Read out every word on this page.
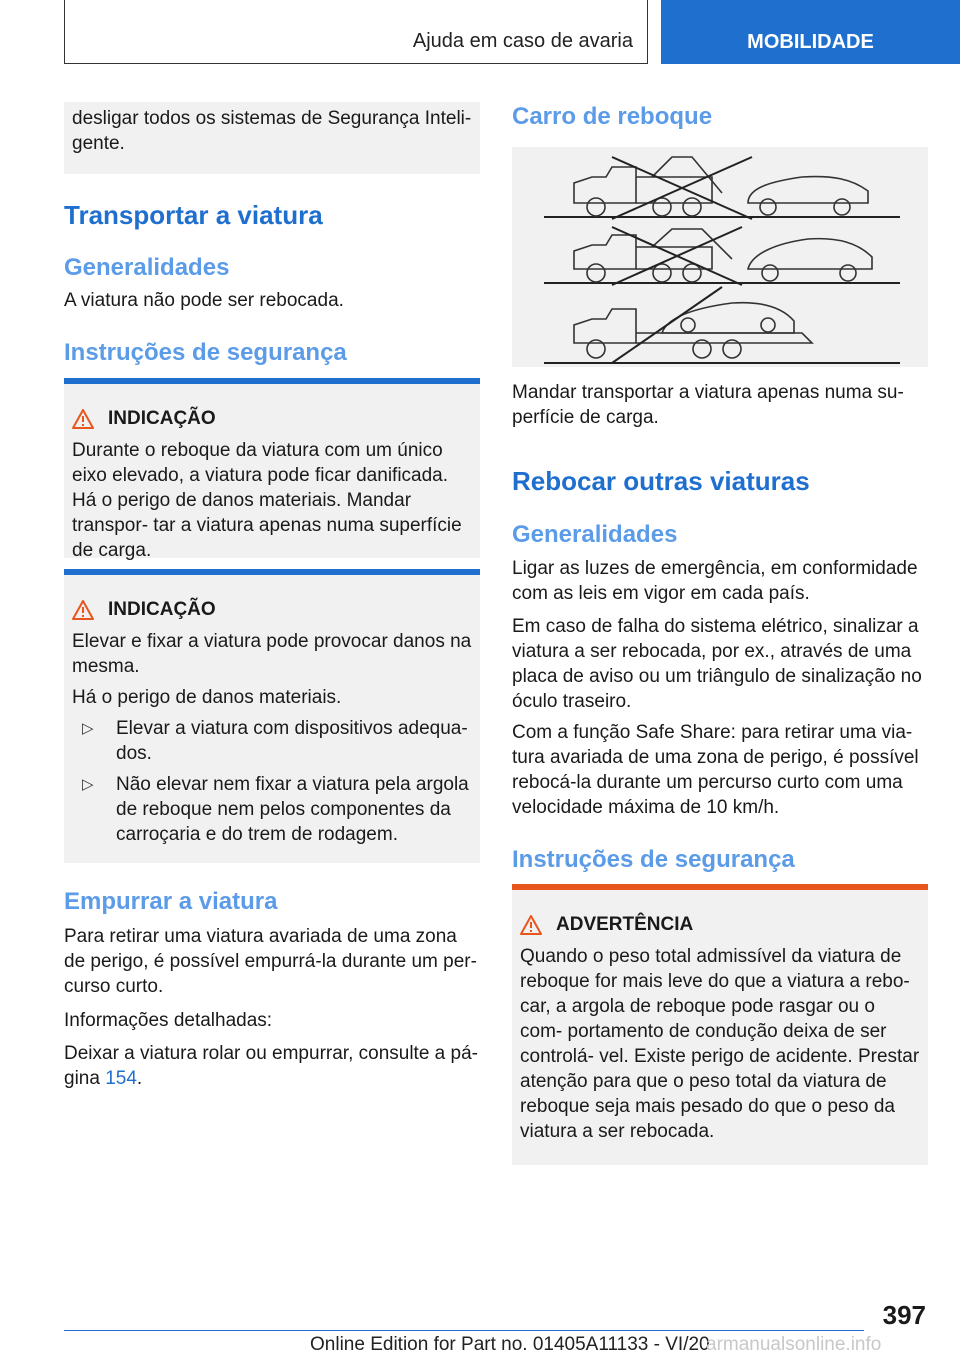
Ajuda em caso de avaria	MOBILIDADE

desligar todos os sistemas de Segurança Inteli-
gente.

Transportar a viatura
Generalidades

A viatura não pode ser rebocada.

Instruções de segurança
INDICAÇÃO

Durante o reboque da viatura com um único eixo elevado, a viatura pode ficar danificada. Há o perigo de danos materiais. Mandar transpor- tar a viatura apenas numa superfície de carga.

INDICAÇÃO

Elevar e fixar a viatura pode provocar danos na mesma.

Há o perigo de danos materiais.

▷	Elevar a viatura com dispositivos adequa- dos.

▷	Não elevar nem fixar a viatura pela argola de reboque nem pelos componentes da carroçaria e do trem de rodagem.

Empurrar a viatura

Para retirar uma viatura avariada de uma zona de perigo, é possível empurrá-la durante um per- curso curto.

Informações detalhadas:

Deixar a viatura rolar ou empurrar, consulte a pá- gina 154.

Carro de reboque

Mandar transportar a viatura apenas numa su- perfície de carga.

Rebocar outras viaturas
Generalidades

Ligar as luzes de emergência, em conformidade com as leis em vigor em cada país.

Em caso de falha do sistema elétrico, sinalizar a viatura a ser rebocada, por ex., através de uma placa de aviso ou um triângulo de sinalização no óculo traseiro.

Com a função Safe Share: para retirar uma via- tura avariada de uma zona de perigo, é possível rebocá-la durante um percurso curto com uma velocidade máxima de 10 km/h.

Instruções de segurança
ADVERTÊNCIA

Quando o peso total admissível da viatura de reboque for mais leve do que a viatura a rebo- car, a argola de reboque pode rasgar ou o com- portamento de condução deixa de ser controlá- vel. Existe perigo de acidente. Prestar atenção para que o peso total da viatura de reboque seja mais pesado do que o peso da viatura a ser rebocada.

397
Online Edition for Part no. 01405A11133 - VI/20
armanualsonline.info
